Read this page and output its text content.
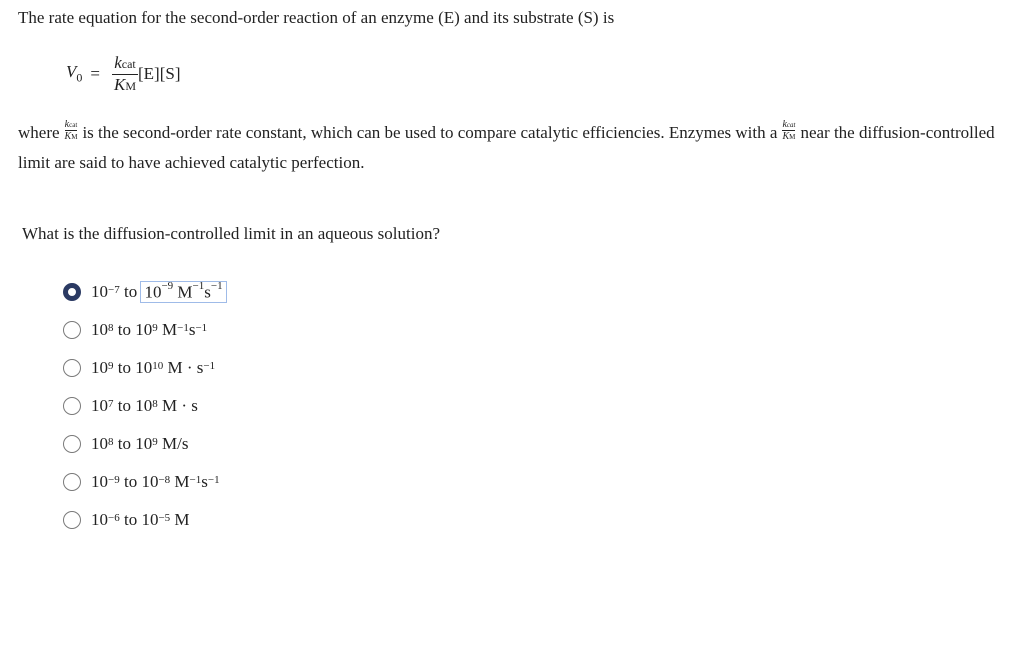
The rate equation for the second-order reaction of an enzyme (E) and its substrate (S) is
$V_0 = \frac{\text{kcat}}{KM} [E][S]$
where $\frac{\text{kcat}}{KM}$ is the second-order rate constant, which can be used to compare catalytic efficiencies. Enzymes with a $\frac{\text{kcat}}{KM}$ near the diffusion-controlled limit are said to have achieved catalytic perfection.
What is the diffusion-controlled limit in an aqueous solution?
$10^{-7}$
to
$10^{-9}$ $M^{-1}s^{-1}$
$10^8$
to
$10^9$
$M^{-1}$ $s^{-1}$
$10^9$
to
$10^{10}$
$M \cdot s^{-1}$
$10^7$
to
$10^8$
M · s
$10^8$
to
$10^9$
M/s
$10^{-9}$
to
$10^{-8}$
$M^{-1}$ $s^{-1}$
$10^{-6}$
to
$10^{-5}$
M
